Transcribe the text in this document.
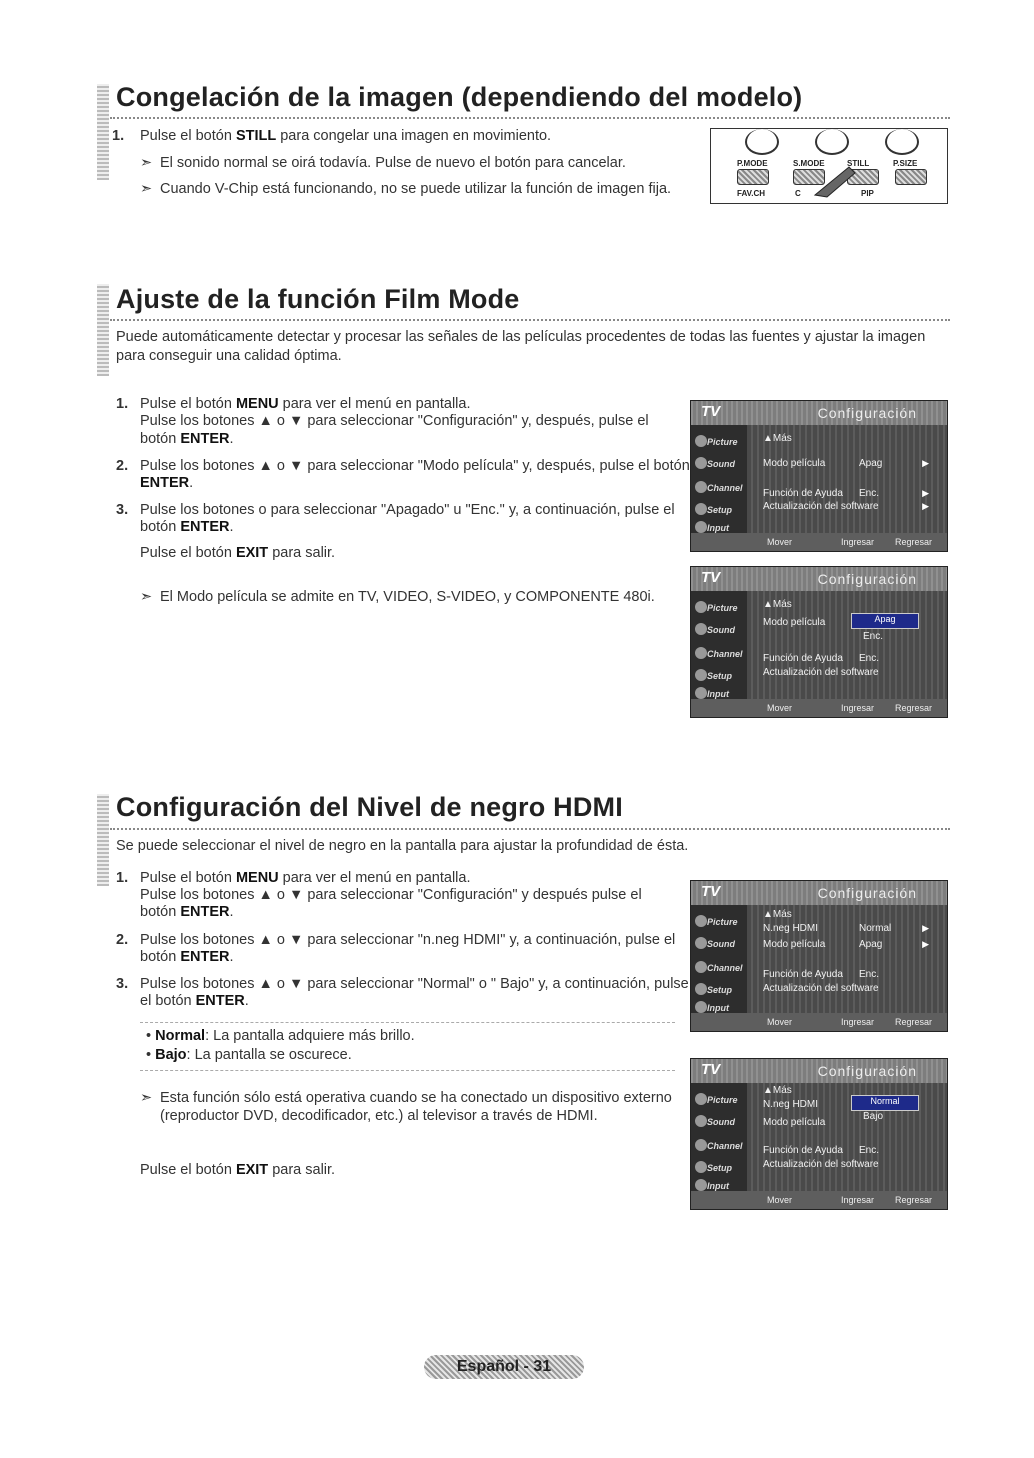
Congelación de la imagen (dependiendo del modelo)
1. Pulse el botón STILL para congelar una imagen en movimiento.
➣ El sonido normal se oirá todavía. Pulse de nuevo el botón para cancelar.
➣ Cuando V-Chip está funcionando, no se puede utilizar la función de imagen fija.
P.MODE	S.MODE	STILL	P.SIZE
FAV.CH	C	PIP
Ajuste de la función Film Mode
Puede automáticamente detectar y procesar las señales de las películas procedentes de todas las fuentes y ajustar la imagen
para conseguir una calidad óptima.
1. Pulse el botón MENU para ver el menú en pantalla.
Pulse los botones ▲ o ▼ para seleccionar "Configuración" y, después, pulse el
botón ENTER.
2. Pulse los botones ▲ o ▼ para seleccionar "Modo película" y, después, pulse el botón
ENTER.
3. Pulse los botones o para seleccionar "Apagado" u "Enc." y, a continuación, pulse el
botón ENTER.
Pulse el botón EXIT para salir.
➣ El Modo película se admite en TV, VIDEO, S-VIDEO, y COMPONENTE 480i.
TV	Configuración
Picture
Sound
Channel
Setup
Input
▲Más
Modo película	Apag	▶
Función de Ayuda Enc.	▶
Actualización del software	▶
Mover	Ingresar Regresar
TV	Configuración
Picture
Sound
Channel
Setup
Input
▲Más
Modo película	Apag
Enc.
Función de Ayuda Enc.
Actualización del software
Mover	Ingresar Regresar
Configuración del Nivel de negro HDMI
Se puede seleccionar el nivel de negro en la pantalla para ajustar la profundidad de ésta.
1. Pulse el botón MENU para ver el menú en pantalla.
Pulse los botones ▲ o ▼ para seleccionar "Configuración" y después pulse el
botón ENTER.
2. Pulse los botones ▲ o ▼ para seleccionar "n.neg HDMI" y, a continuación, pulse el
botón ENTER.
3. Pulse los botones ▲ o ▼ para seleccionar "Normal" o " Bajo" y, a continuación, pulse
el botón ENTER.
• Normal: La pantalla adquiere más brillo.
• Bajo: La pantalla se oscurece.
➣ Esta función sólo está operativa cuando se ha conectado un dispositivo externo
(reproductor DVD, decodificador, etc.) al televisor a través de HDMI.
Pulse el botón EXIT para salir.
TV	Configuración
Picture
Sound
Channel
Setup
Input
▲Más
N.neg HDMI	Normal	▶
Modo película	Apag	▶
Función de Ayuda Enc.
Actualización del software
Mover	Ingresar Regresar
TV	Configuración
Picture
Sound
Channel
Setup
Input
▲Más
N.neg HDMI	Normal
Bajo
Modo película
Función de Ayuda Enc.
Actualización del software
Mover	Ingresar Regresar
Español - 31
